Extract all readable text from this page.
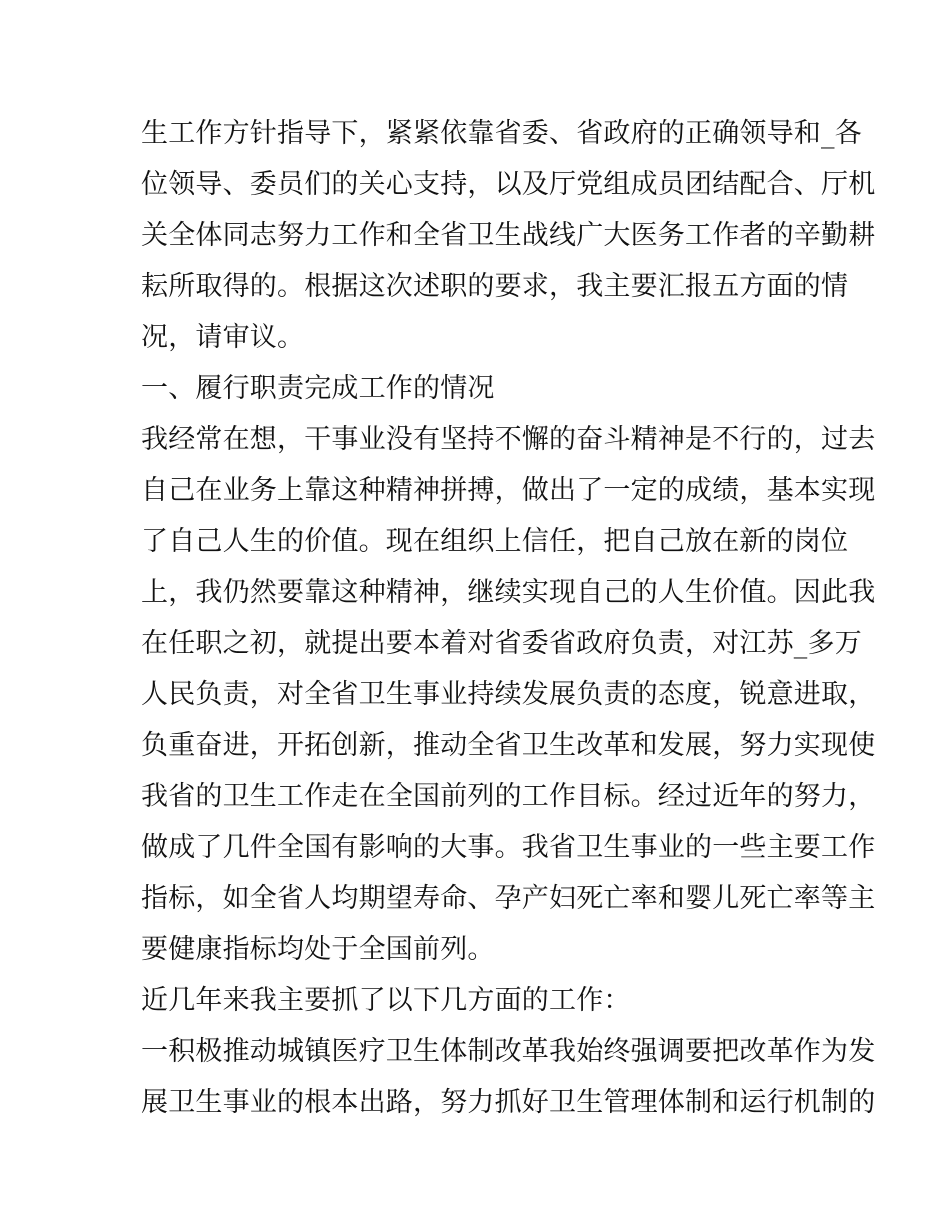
生工作方针指导下，紧紧依靠省委、省政府的正确领导和_各
位领导、委员们的关心支持，以及厅党组成员团结配合、厅机
关全体同志努力工作和全省卫生战线广大医务工作者的辛勤耕
耘所取得的。根据这次述职的要求，我主要汇报五方面的情
况，请审议。
一、履行职责完成工作的情况
我经常在想，干事业没有坚持不懈的奋斗精神是不行的，过去
自己在业务上靠这种精神拼搏，做出了一定的成绩，基本实现
了自己人生的价值。现在组织上信任，把自己放在新的岗位
上，我仍然要靠这种精神，继续实现自己的人生价值。因此我
在任职之初，就提出要本着对省委省政府负责，对江苏_多万
人民负责，对全省卫生事业持续发展负责的态度，锐意进取，
负重奋进，开拓创新，推动全省卫生改革和发展，努力实现使
我省的卫生工作走在全国前列的工作目标。经过近年的努力，
做成了几件全国有影响的大事。我省卫生事业的一些主要工作
指标，如全省人均期望寿命、孕产妇死亡率和婴儿死亡率等主
要健康指标均处于全国前列。
近几年来我主要抓了以下几方面的工作：
一积极推动城镇医疗卫生体制改革我始终强调要把改革作为发
展卫生事业的根本出路，努力抓好卫生管理体制和运行机制的
